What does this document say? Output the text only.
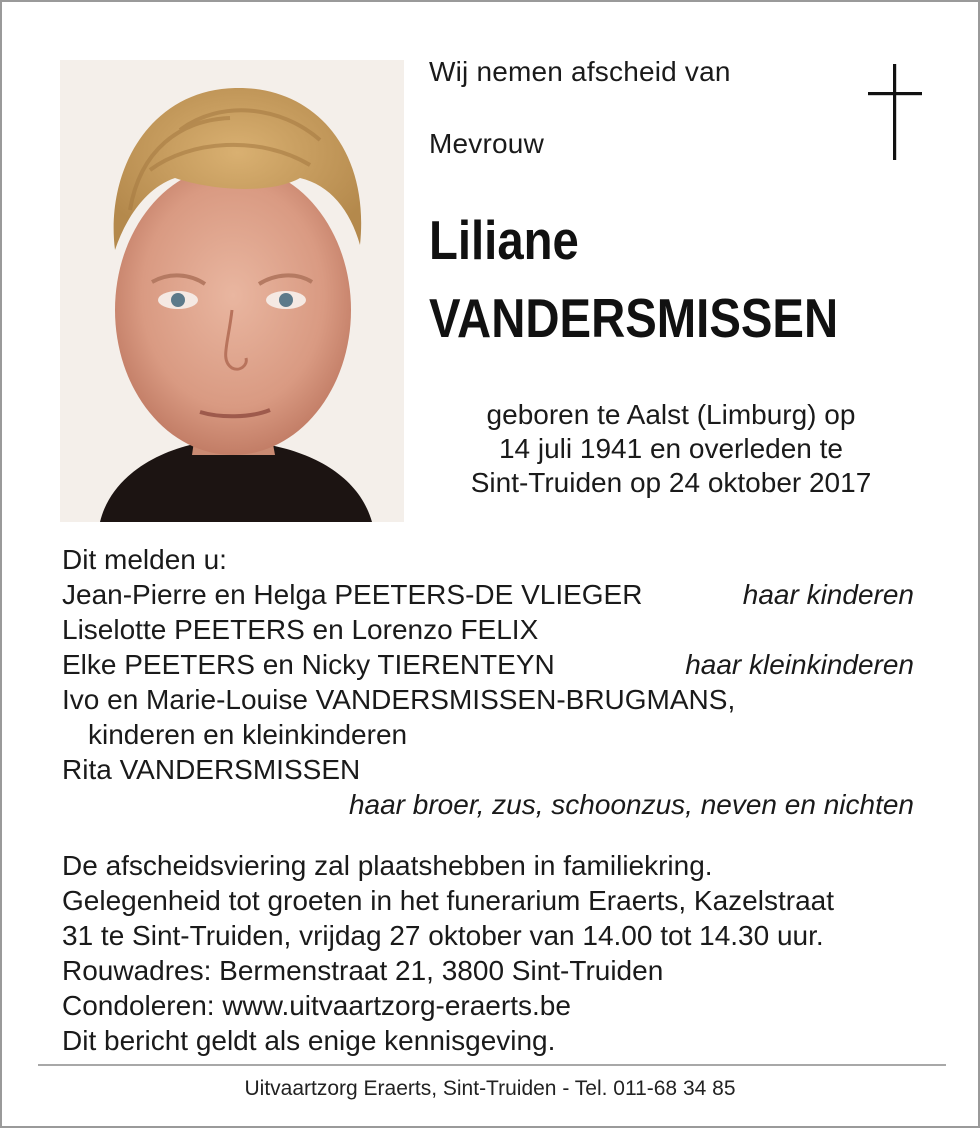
Wij nemen afscheid van
Mevrouw
Liliane
VANDERSMISSEN
geboren te Aalst (Limburg) op
14 juli 1941 en overleden te
Sint-Truiden op 24 oktober 2017
Dit melden u:
Jean-Pierre en Helga PEETERS-DE VLIEGER	haar kinderen
Liselotte PEETERS en Lorenzo FELIX
Elke PEETERS en Nicky TIERENTEYN	haar kleinkinderen
Ivo en Marie-Louise VANDERSMISSEN-BRUGMANS,
kinderen en kleinkinderen
Rita VANDERSMISSEN
haar broer, zus, schoonzus, neven en nichten
De afscheidsviering zal plaatshebben in familiekring.
Gelegenheid tot groeten in het funerarium Eraerts, Kazelstraat
31 te Sint-Truiden, vrijdag 27 oktober van 14.00 tot 14.30 uur.
Rouwadres: Bermenstraat 21, 3800 Sint-Truiden
Condoleren: www.uitvaartzorg-eraerts.be
Dit bericht geldt als enige kennisgeving.
Uitvaartzorg Eraerts, Sint-Truiden - Tel. 011-68 34 85
